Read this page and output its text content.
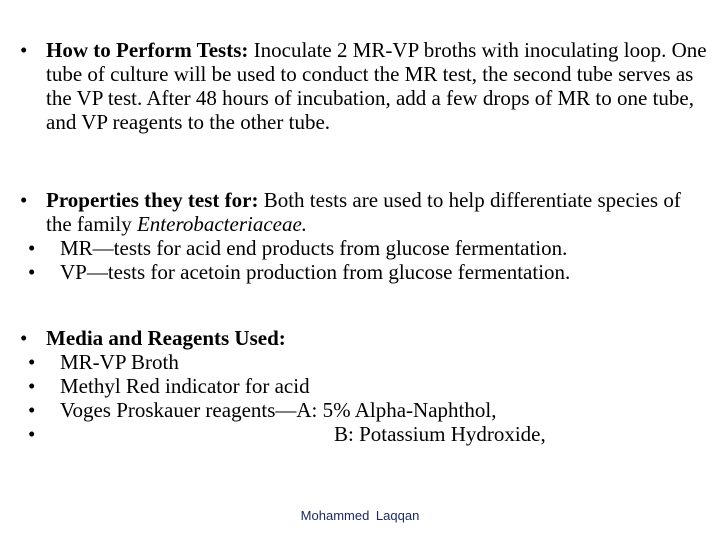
• How to Perform Tests: Inoculate 2 MR-VP broths with inoculating loop. One tube of culture will be used to conduct the MR test, the second tube serves as the VP test. After 48 hours of incubation, add a few drops of MR to one tube, and VP reagents to the other tube.
• Properties they test for: Both tests are used to help differentiate species of the family Enterobacteriaceae.
• MR—tests for acid end products from glucose fermentation.
• VP—tests for acetoin production from glucose fermentation.
• Media and Reagents Used:
• MR-VP Broth
• Methyl Red indicator for acid
• Voges Proskauer reagents—A: 5% Alpha-Naphthol,
•	B: Potassium Hydroxide,
Mohammed Laqqan
